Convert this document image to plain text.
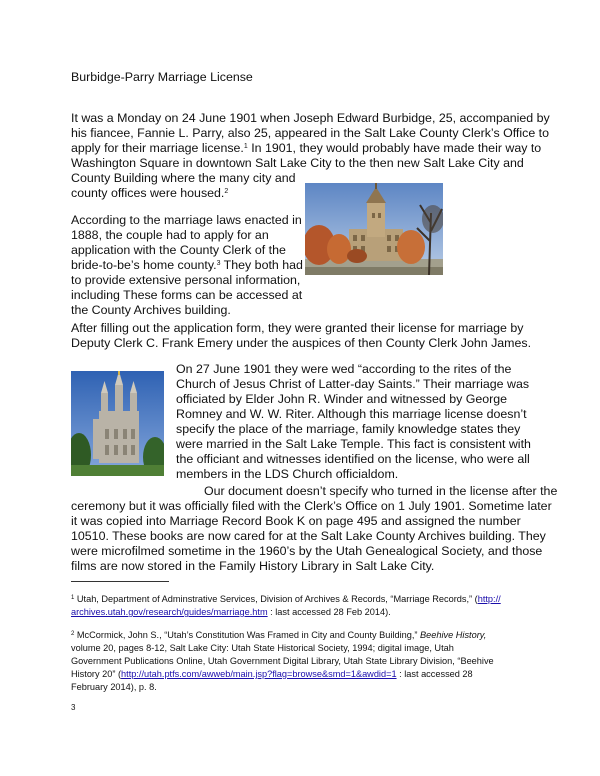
Burbidge-Parry Marriage License

It was a Monday on 24 June 1901 when Joseph Edward Burbidge, 25, accompanied by

his fiancee, Fannie L. Parry, also 25, appeared in the Salt Lake County Clerk’s Office to

apply for their marriage license.$^1$ In 1901, they would probably have made their way to

Washington Square in downtown Salt Lake City to the then new Salt Lake City and

County Building where the many city and

county offices were housed.$^2$

According to the marriage laws enacted in

1888, the couple had to apply for an

application with the County Clerk of the

bride-to-be’s home county.$^3$ They both had

to provide extensive personal information,

including These forms can be accessed at

the County Archives building.

After filling out the application form, they were granted their license for marriage by

Deputy Clerk C. Frank Emery under the auspices of then County Clerk John James.

On 27 June 1901 they were wed “according to the rites of the

Church of Jesus Christ of Latter-day Saints.” Their marriage was

officiated by Elder John R. Winder and witnessed by George

Romney and W. W. Riter. Although this marriage license doesn’t

specify the place of the marriage, family knowledge states they

were married in the Salt Lake Temple. This fact is consistent with

the officiant and witnesses identified on the license, who were all

members in the LDS Church officialdom.

Our document doesn’t specify who turned in the license after the

ceremony but it was officially filed with the Clerk’s Office on 1 July 1901. Sometime later

it was copied into Marriage Record Book K on page 495 and assigned the number

10510. These books are now cared for at the Salt Lake County Archives building. They

were microfilmed sometime in the 1960’s by the Utah Genealogical Society, and those

films are now stored in the Family History Library in Salt Lake City.

$^1$ Utah, Department of Adminstrative Services, Division of Archives & Records, “Marriage Records,” (http://

archives.utah.gov/research/guides/marriage.htm : last accessed 28 Feb 2014).

$^2$ McCormick, John S., “Utah’s Constitution Was Framed in City and County Building,” Beehive History,

volume 20, pages 8-12, Salt Lake City: Utah State Historical Society, 1994; digital image, Utah

Government Publications Online, Utah Government Digital Library, Utah State Library Division, “Beehive

History 20” (http://utah.ptfs.com/awweb/main.jsp?flag=browse&smd=1&awdid=1 : last accessed 28

February 2014), p. 8.

3
